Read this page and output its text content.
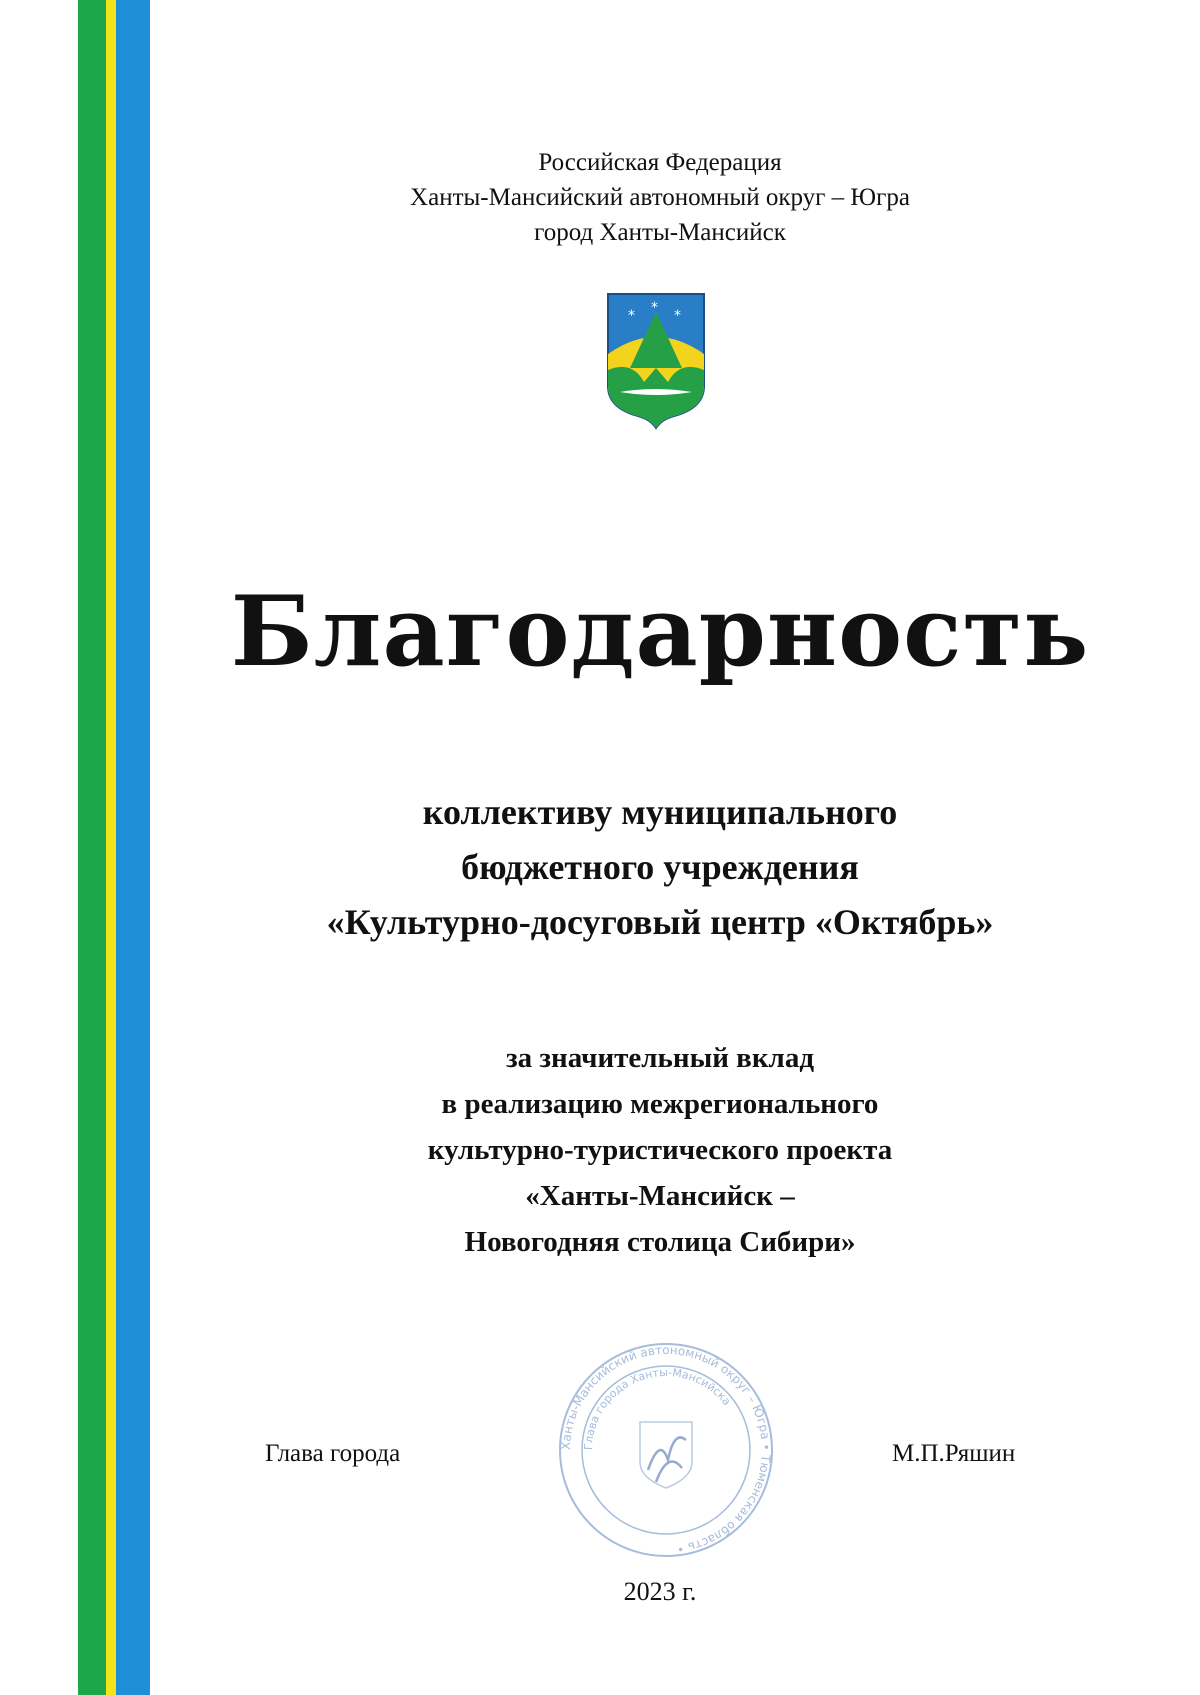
Российская Федерация
Ханты-Мансийский автономный округ – Югра
город Ханты-Мансийск
* * *
Благодарность
коллективу муниципального
бюджетного учреждения
«Культурно-досуговый центр «Октябрь»
за значительный вклад
в реализацию межрегионального
культурно-туристического проекта
«Ханты-Мансийск –
Новогодняя столица Сибири»
Ханты-Мансийский автономный округ – Югра • Тюменская область •
Глава города Ханты-Мансийска
Глава города	М.П.Ряшин
2023 г.
